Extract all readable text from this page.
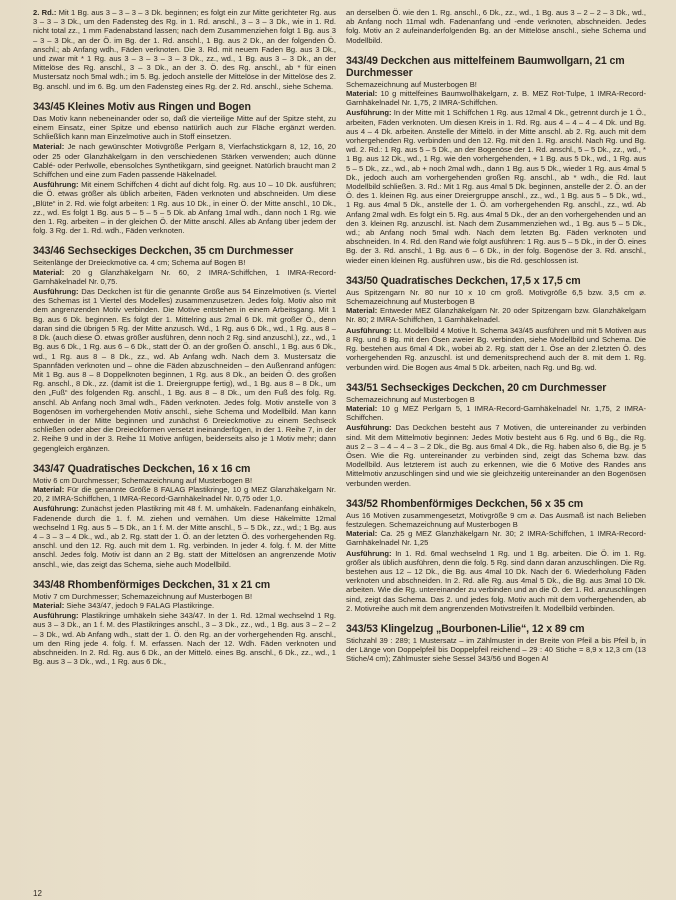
2. Rd.: Mit 1 Bg. aus 3 – 3 – 3 – 3 Dk. beginnen; es folgt ein zur Mitte gerichteter Rg. aus 3 – 3 – 3 Dk., um den Fadensteg des Rg. in 1. Rd. anschl., 3 – 3 – 3 Dk., wie in 1. Rd. nicht total zz., 1 mm Fadenabstand lassen; nach dem Zusammenziehen folgt 1 Bg. aus 3 – 3 – 3 Dk., an der Ö. im Bg. der 1. Rd. anschl., 1 Bg. aus 2 Dk., an der folgenden Ö. anschl.; ab Anfang wdh., Fäden verknoten. Die 3. Rd. mit neuem Faden Bg. aus 3 Dk., und zwar mit * 1 Rg. aus 3 – 3 – 3 – 3 – 3 Dk., zz., wd., 1 Bg. aus 3 – 3 Dk., an der Mittelöse des Rg. anschl., 3 – 3 Dk., an der 3. Ö. des Rg. anschl., ab * für einen Mustersatz noch 5mal wdh.; im 5. Bg. jedoch anstelle der Mittelöse in der Mittelöse des 2. Bg. anschl. und im 6. Bg. um den Fadensteg eines Rg. der 2. Rd. anschl., siehe Schema.

343/45 Kleines Motiv aus Ringen und Bogen

Das Motiv kann nebeneinander oder so, daß die vierteilige Mitte auf der Spitze steht, zu einem Einsatz, einer Spitze und ebenso natürlich auch zur Fläche ergänzt werden. Schließlich kann man Einzelmotive auch in Stoff einsetzen.

Material: Je nach gewünschter Motivgröße Perlgarn 8, Vierfachstickgarn 8, 12, 16, 20 oder 25 oder Glanzhäkelgarn in den verschiedenen Stärken verwenden; auch dünne Cablé- oder Perlwolle, ebensolches Synthetikgarn, sind geeignet. Natürlich braucht man 2 Schiffchen und eine zum Faden passende Häkelnadel.

Ausführung: Mit einem Schiffchen 4 dicht auf dicht folg. Rg. aus 10 – 10 Dk. ausführen; die Ö. etwas größer als üblich arbeiten, Fäden verknoten und abschneiden. Um diese „Blüte“ in 2. Rd. wie folgt arbeiten: 1 Rg. aus 10 Dk., in einer Ö. der Mitte anschl., 10 Dk., zz., wd. Es folgt 1 Bg. aus 5 – 5 – 5 – 5 Dk. ab Anfang 1mal wdh., dann noch 1 Rg. wie den 1. Rg. arbeiten – in der gleichen Ö. der Mitte anschl. Alles ab Anfang über jedem der folg. 3 Rg. der 1. Rd. wdh., Fäden verknoten.

343/46 Sechseckiges Deckchen, 35 cm Durchmesser
Seitenlänge der Dreieckmotive ca. 4 cm; Schema auf Bogen B!

Material: 20 g Glanzhäkelgarn Nr. 60, 2 IMRA-Schiffchen, 1 IMRA-Record-Garnhäkelnadel Nr. 0,75.

Ausführung: Das Deckchen ist für die genannte Größe aus 54 Einzelmotiven (s. Viertel des Schemas ist 1 Viertel des Modelles) zusammenzusetzen. Jedes folg. Motiv also mit dem angrenzenden Motiv verbinden. Die Motive entstehen in einem Arbeitsgang. Mit 1 Bg. aus 6 Dk. beginnen. Es folgt der 1. Mittelring aus 2mal 6 Dk. mit großer Ö., denn daran sind die übrigen 5 Rg. der Mitte anzusch. Wd., 1 Rg. aus 6 Dk., wd., 1 Rg. aus 8 – 8 Dk. (auch diese Ö. etwas größer ausführen, denn noch 2 Rg. sind anzuschl.), zz., wd., 1 Bg. aus 6 Dk., 1 Rg. aus 6 – 6 Dk., statt der Ö. an der großen Ö. anschl., 1 Bg. aus 6 Dk., wd., 1 Rg. aus 8 – 8 Dk., zz., wd. Ab Anfang wdh. Nach dem 3. Mustersatz die Spannfäden verknoten und – ohne die Fäden abzuschneiden – den Außenrand anfügen: Mit 1 Bg. aus 8 – 8 Doppelknoten beginnen, 1 Rg. aus 8 Dk., an beiden Ö. des großen Rg. anschl., 8 Dk., zz. (damit ist die 1. Dreiergruppe fertig), wd., 1 Bg. aus 8 – 8 Dk., um den „Fuß“ des folgenden Rg. anschl., 1 Bg. aus 8 – 8 Dk., um den Fuß des folg. Rg. anschl. Ab Anfang noch 3mal wdh., Fäden verknoten. Jedes folg. Motiv anstelle von 3 Bogenösen im vorhergehenden Motiv anschl., siehe Schema und Modellbild. Man kann entweder in der Mitte beginnen und zunächst 6 Dreieckmotive zu einem Sechseck schließen oder aber die Dreieckformen versetzt ineinanderfügen, in der 1. Reihe 7, in der 2. Reihe 9 und in der 3. Reihe 11 Motive anfügen, beiderseits also je 1 Motiv mehr; dann gegengleich ergänzen.

343/47 Quadratisches Deckchen, 16 x 16 cm
Motiv 6 cm Durchmesser; Schemazeichnung auf Musterbogen B!

Material: Für die genannte Größe 8 FALAG Plastikringe, 10 g MEZ Glanzhäkelgarn Nr. 20, 2 IMRA-Schiffchen, 1 IMRA-Record-Garnhäkelnadel Nr. 0,75 oder 1,0.

Ausführung: Zunächst jeden Plastikring mit 48 f. M. umhäkeln. Fadenanfang einhäkeln, Fadenende durch die 1. f. M. ziehen und vernähen. Um diese Häkelmitte 12mal wechselnd 1 Rg. aus 5 – 5 Dk., an 1 f. M. der Mitte anschl., 5 – 5 Dk., zz., wd.; 1 Bg. aus 4 – 3 – 3 – 4 Dk., wd., ab 2. Rg. statt der 1. Ö. an der letzten Ö. des vorhergehenden Rg. anschl. und den 12. Rg. auch mit dem 1. Rg. verbinden. In jeder 4. folg. f. M. der Mitte anschl. Jedes folg. Motiv ist dann an 2 Bg. statt der Mittelösen an angrenzende Motiv anschl., wie, das zeigt das Schema, siehe auch Modellbild.

343/48 Rhombenförmiges Deckchen, 31 x 21 cm
Motiv 7 cm Durchmesser; Schemazeichnung auf Musterbogen B!

Material: Siehe 343/47, jedoch 9 FALAG Plastikringe.

Ausführung: Plastikringe umhäkeln siehe 343/47. In der 1. Rd. 12mal wechselnd 1 Rg. aus 3 – 3 Dk., an 1 f. M. des Plastikringes anschl., 3 – 3 Dk., zz., wd., 1 Bg. aus 3 – 2 – 2 – 3 Dk., wd. Ab Anfang wdh., statt der 1. Ö. den Rg. an der vorhergehenden Rg. anschl., um den Ring jede 4. folg. f. M. erfassen. Nach der 12. Wdh. Fäden verknoten und abschneiden. In 2. Rd. Rg. aus 6 Dk., an der Mittelö. eines Bg. anschl., 6 Dk., zz., wd., 1 Bg. aus 3 – 3 Dk., wd., 1 Rg. aus 6 Dk.,

an derselben Ö. wie den 1. Rg. anschl., 6 Dk., zz., wd., 1 Bg. aus 3 – 2 – 2 – 3 Dk., wd., ab Anfang noch 11mal wdh. Fadenanfang und -ende verknoten, abschneiden. Jedes folg. Motiv an 2 aufeinanderfolgenden Bg. an der Mittelöse anschl., siehe Schema und Modellbild.

343/49 Deckchen aus mittelfeinem Baumwollgarn, 21 cm Durchmesser
Schemazeichnung auf Musterbogen B!

Material: 10 g mittelfeines Baumwollhäkelgarn, z. B. MEZ Rot-Tulpe, 1 IMRA-Record-Garnhäkelnadel Nr. 1,75, 2 IMRA-Schiffchen.

Ausführung: In der Mitte mit 1 Schiffchen 1 Rg. aus 12mal 4 Dk., getrennt durch je 1 Ö., arbeiten, Fäden verknoten. Um diesen Kreis in 1. Rd. Rg. aus 4 – 4 – 4 – 4 Dk. und Bg. aus 4 – 4 Dk. arbeiten. Anstelle der Mittelö. in der Mitte anschl. ab 2. Rg. auch mit dem vorhergehenden Rg. verbinden und den 12. Rg. mit den 1. Rg. anschl. Nach Rg. und Bg. wd. 2. Rd.: 1 Rg. aus 5 – 5 Dk., an der Bogenöse der 1. Rd. anschl., 5 – 5 Dk., zz., wd., * 1 Bg. aus 12 Dk., wd., 1 Rg. wie den vorhergehenden, + 1 Bg. aus 5 Dk., wd., 1 Rg. aus 5 – 5 Dk., zz., wd., ab + noch 2mal wdh., dann 1 Bg. aus 5 Dk., wieder 1 Rg. aus 4mal 5 Dk., jedoch auch am vorhergehenden großen Rg. anschl., ab * wdh., die Rd. laut Modellbild schließen. 3. Rd.: Mit 1 Rg. aus 4mal 5 Dk. beginnen, anstelle der 2. Ö. an der Ö. des 1. kleinen Rg. aus einer Dreiergruppe anschl., zz., wd., 1 Bg. aus 5 – 5 Dk., wd., 1 Rg. aus 4mal 5 Dk., anstelle der 1. Ö. am vorhergehenden Rg. anschl., zz., wd. Ab Anfang 2mal wdh. Es folgt ein 5. Rg. aus 4mal 5 Dk., der an den vorhergehenden und an den 3. kleinen Rg. anzuschl. ist. Nach dem Zusammenziehen wd., 1 Bg. aus 5 – 5 Dk., wd.; ab Anfang noch 5mal wdh. Nach dem letzten Bg. Fäden verknoten und abschneiden. In 4. Rd. den Rand wie folgt ausführen: 1 Rg. aus 5 – 5 Dk., in der Ö. eines Bg. der 3. Rd. anschl., 1 Bg. aus 6 – 6 Dk., in der folg. Bogenöse der 3. Rd. anschl., wieder einen kleinen Rg. ausführen usw., bis die Rd. geschlossen ist.

343/50 Quadratisches Deckchen, 17,5 x 17,5 cm
Aus Spitzengarn Nr. 80 nur 10 x 10 cm groß. Motivgröße 6,5 bzw. 3,5 cm ⌀. Schemazeichnung auf Musterbogen B

Material: Entweder MEZ Glanzhäkelgarn Nr. 20 oder Spitzengarn bzw. Glanzhäkelgarn Nr. 80; 2 IMRA-Schiffchen, 1 Garnhäkelnadel.

Ausführung: Lt. Modellbild 4 Motive lt. Schema 343/45 ausführen und mit 5 Motiven aus 8 Rg. und 8 Bg. mit den Ösen zweier Bg. verbinden, siehe Modellbild und Schema. Die Rg. bestehen aus 6mal 4 Dk., wobei ab 2. Rg. statt der 1. Öse an der 2.letzten Ö. des vorhergehenden Rg. anzuschl. ist und demenitsprechend auch der 8. mit dem 1. Rg. verbunden wird. Die Bogen aus 4mal 5 Dk. arbeiten, nach Rg. und Bg. wd.

343/51 Sechseckiges Deckchen, 20 cm Durchmesser
Schemazeichnung auf Musterbogen B

Material: 10 g MEZ Perlgarn 5, 1 IMRA-Record-Garnhäkelnadel Nr. 1,75, 2 IMRA-Schiffchen.

Ausführung: Das Deckchen besteht aus 7 Motiven, die untereinander zu verbinden sind. Mit dem Mittelmotiv beginnen: Jedes Motiv besteht aus 6 Rg. und 6 Bg., die Rg. aus 2 – 3 – 4 – 4 – 3 – 2 Dk., die Bg. aus 6mal 4 Dk., die Rg. haben also 6, die Bg. je 5 Ösen. Wie die Rg. untereinander zu verbinden sind, zeigt das Schema bzw. das Modellbild. Aus letzterem ist auch zu erkennen, wie die 6 Motive des Randes ans Mittelmotiv anzuschlingen sind und wie sie gleichzeitig untereinander an den Bogenösen verbunden werden.

343/52 Rhombenförmiges Deckchen, 56 x 35 cm
Aus 16 Motiven zusammengesetzt, Motivgröße 9 cm ⌀. Das Ausmaß ist nach Belieben festzulegen. Schemazeichnung auf Musterbogen B

Material: Ca. 25 g MEZ Glanzhäkelgarn Nr. 30; 2 IMRA-Schiffchen, 1 IMRA-Record-Garnhäkelnadel Nr. 1,25

Ausführung: In 1. Rd. 6mal wechselnd 1 Rg. und 1 Bg. arbeiten. Die Ö. im 1. Rg. größer als üblich ausführen, denn die folg. 5 Rg. sind dann daran anzuschlingen. Die Rg. bestehen aus 12 – 12 Dk., die Bg. aus 4mal 10 Dk. Nach der 6. Wiederholung Fäden verknoten und abschneiden. In 2. Rd. alle Rg. aus 4mal 5 Dk., die Bg. aus 3mal 10 Dk. arbeiten. Wie die Rg. untereinander zu verbinden und an die Ö. der 1. Rd. anzuschlingen sind, zeigt das Schema. Das 2. und jedes folg. Motiv auch mit dem vorhergehenden, ab 2. Motivreihe auch mit dem angrenzenden Motivstreifen lt. Modellbild verbinden.

343/53 Klingelzug „Bourbonen-Lilie“, 12 x 89 cm

Stichzahl 39 : 289; 1 Mustersatz – im Zählmuster in der Breite von Pfeil a bis Pfeil b, in der Länge von Doppelpfeil bis Doppelpfeil reichend – 29 : 40 Stiche = 8,9 x 12,3 cm (13 Stiche/4 cm); Zählmuster siehe Sessel 343/56 und Bogen A!

12
